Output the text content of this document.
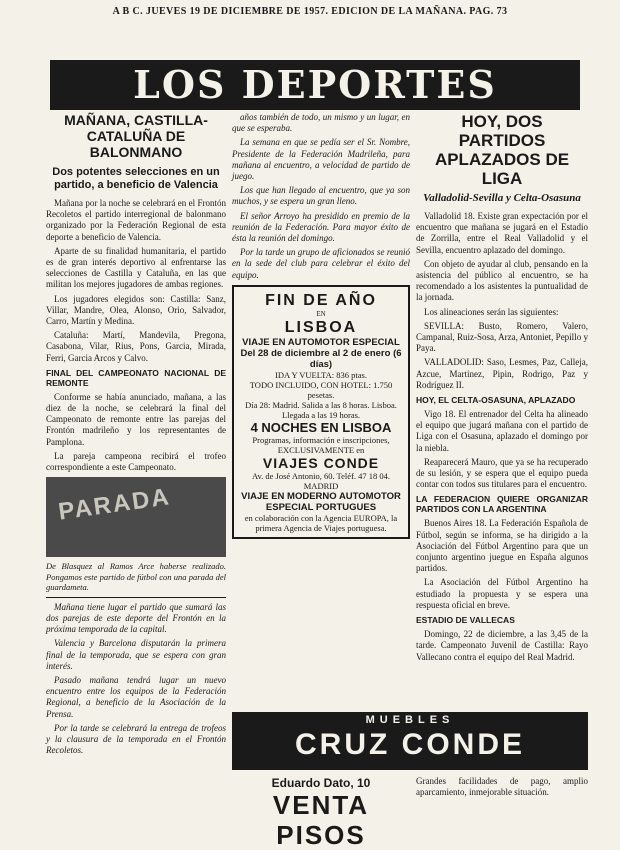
A B C. JUEVES 19 DE DICIEMBRE DE 1957. EDICION DE LA MAÑANA. PAG. 73
LOS DEPORTES
MAÑANA, CASTILLA-CATALUÑA DE BALONMANO
Dos potentes selecciones en un partido, a beneficio de Valencia

Mañana por la noche se celebrará en el Frontón Recoletos el partido interregional de balonmano organizado por la Federación Regional de esta deporte a beneficio de Valencia.

Aparte de su finalidad humanitaria, el partido es de gran interés deportivo al enfrentarse las selecciones de Castilla y Cataluña, en las que militan los mejores jugadores de ambas regiones.

Los jugadores elegidos son: Castilla: Sanz, Villar, Mandre, Olea, Alonso, Orio, Salvador, Carro, Martín y Medina.

Cataluña: Martí, Mandevila, Pregona, Casabona, Vilar, Rius, Pons, Garcia, Mirada, Ferri, Garcia Arcos y Calvo.

FINAL DEL CAMPEONATO NACIONAL DE REMONTE

Conforme se había anunciado, mañana, a las diez de la noche, se celebrará la final del Campeonato de remonte entre las parejas del Frontón madrileño y los representantes de Pamplona.

La pareja campeona recibirá el trofeo correspondiente a este Campeonato.

PARADA
De Blasquez al Ramos Arce haberse realizado. Pongamos este partido de fútbol con una parada del guardameta.

Mañana tiene lugar el partido que sumará las dos parejas de este deporte del Frontón en la próxima temporada de la capital.

Valencia y Barcelona disputarán la primera final de la temporada, que se espera con gran interés.

Pasado mañana tendrá lugar un nuevo encuentro entre los equipos de la Federación Regional, a beneficio de la Asociación de la Prensa.

Por la tarde se celebrará la entrega de trofeos y la clausura de la temporada en el Frontón Recoletos.

años también de todo, un mismo y un lugar, en que se esperaba.

La semana en que se pedía ser el Sr. Nombre, Presidente de la Federación Madrileña, para mañana al encuentro, a velocidad de partido de juego.

Los que han llegado al encuentro, que ya son muchos, y se espera un gran lleno.

El señor Arroyo ha presidido en premio de la reunión de la Federación. Para mayor éxito de ésta la reunión del domingo.

Por la tarde un grupo de aficionados se reunió en la sede del club para celebrar el éxito del equipo.

FIN DE AÑO
EN
LISBOA
VIAJE EN AUTOMOTOR ESPECIAL
Del 28 de diciembre al 2 de enero (6 días)
IDA Y VUELTA: 836 ptas.
TODO INCLUIDO, CON HOTEL: 1.750 pesetas.
Día 28: Madrid. Salida a las 8 horas. Lisboa. Llegada a las 19 horas.
4 NOCHES EN LISBOA
Programas, información e inscripciones, EXCLUSIVAMENTE en
VIAJES CONDE
Av. de José Antonio, 60. Teléf. 47 18 04. MADRID
VIAJE EN MODERNO AUTOMOTOR ESPECIAL PORTUGUES
en colaboración con la Agencia EUROPA, la primera Agencia de Viajes portuguesa.
HOY, DOS PARTIDOS APLAZADOS DE LIGA
Valladolid-Sevilla y Celta-Osasuna

Valladolid 18. Existe gran expectación por el encuentro que mañana se jugará en el Estadio de Zorrilla, entre el Real Valladolid y el Sevilla, encuentro aplazado del domingo.

Con objeto de ayudar al club, pensando en la asistencia del público al encuentro, se ha recomendado a los asistentes la puntualidad de la jornada.

Los alineaciones serán las siguientes:

SEVILLA: Busto, Romero, Valero, Campanal, Ruiz-Sosa, Arza, Antoniet, Pepillo y Paya.

VALLADOLID: Saso, Lesmes, Paz, Calleja, Azcue, Martinez, Pipin, Rodrigo, Paz y Rodríguez II.

HOY, EL CELTA-OSASUNA, APLAZADO

Vigo 18. El entrenador del Celta ha alineado el equipo que jugará mañana con el partido de Liga con el Osasuna, aplazado el domingo por la niebla.

Reaparecerá Mauro, que ya se ha recuperado de su lesión, y se espera que el equipo pueda contar con todos sus titulares para el encuentro.

LA FEDERACION QUIERE ORGANIZAR PARTIDOS CON LA ARGENTINA

Buenos Aires 18. La Federación Española de Fútbol, según se informa, se ha dirigido a la Asociación del Fútbol Argentino para que un conjunto argentino juegue en España algunos partidos.

La Asociación del Fútbol Argentino ha estudiado la propuesta y se espera una respuesta oficial en breve.

ESTADIO DE VALLECAS

Domingo, 22 de diciembre, a las 3,45 de la tarde. Campeonato Juvenil de Castilla: Rayo Vallecano contra el equipo del Real Madrid.

MUEBLES
CRUZ CONDE
Eduardo Dato, 10
VENTA PISOS
Grandes facilidades de pago, amplio aparcamiento, inmejorable situación.
